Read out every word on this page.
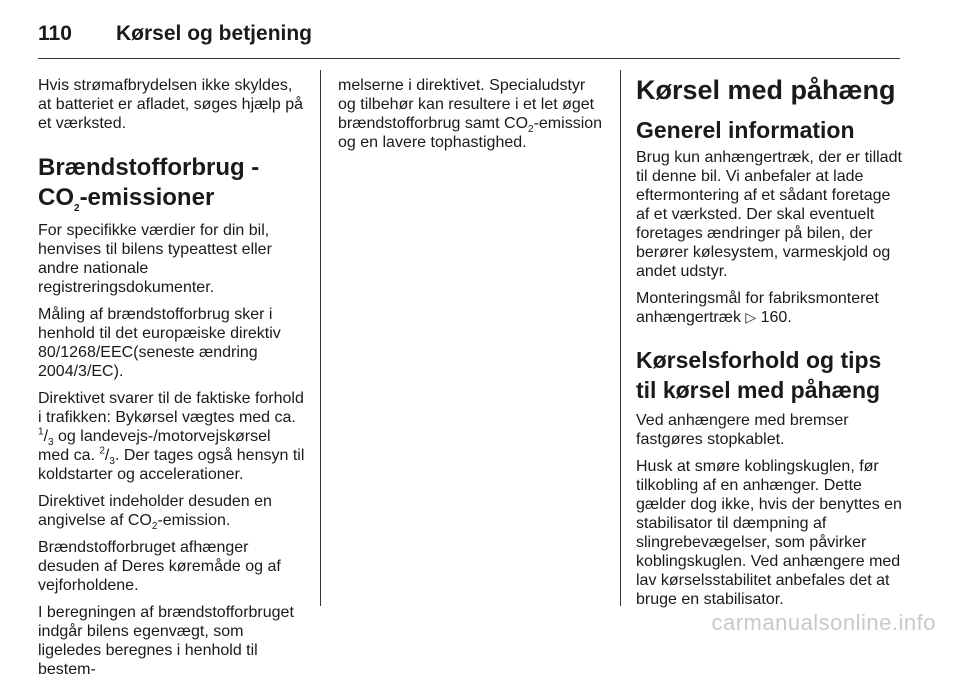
110	Kørsel og betjening

Hvis strømafbrydelsen ikke skyldes, at batteriet er afladet, søges hjælp på et værksted.

Brændstofforbrug -
$CO_2$-emissioner

For specifikke værdier for din bil, henvises til bilens typeattest eller andre nationale registreringsdokumenter.

Måling af brændstofforbrug sker i henhold til det europæiske direktiv 80/1268/EEC(seneste ændring 2004/3/EC).

Direktivet svarer til de faktiske forhold i trafikken: Bykørsel vægtes med ca. $^1/_3$ og landevejs-/motorvejskørsel med ca. $^2/_3$. Der tages også hensyn til koldstarter og accelerationer.

Direktivet indeholder desuden en angivelse af $CO_2$-emission.

Brændstofforbruget afhænger desuden af Deres køremåde og af vejforholdene.

I beregningen af brændstofforbruget indgår bilens egenvægt, som ligeledes beregnes i henhold til bestem-

melserne i direktivet. Specialudstyr og tilbehør kan resultere i et let øget brændstofforbrug samt $CO_2$-emission og en lavere tophastighed.

Kørsel med påhæng
Generel information

Brug kun anhængertræk, der er tilladt til denne bil. Vi anbefaler at lade eftermontering af et sådant foretage af et værksted. Der skal eventuelt foretages ændringer på bilen, der berører kølesystem, varmeskjold og andet udstyr.

Monteringsmål for fabriksmonteret anhængertræk ▷ 160.

Kørselsforhold og tips til kørsel med påhæng

Ved anhængere med bremser fastgøres stopkablet.

Husk at smøre koblingskuglen, før tilkobling af en anhænger. Dette gælder dog ikke, hvis der benyttes en stabilisator til dæmpning af slingrebevægelser, som påvirker koblingskuglen. Ved anhængere med lav kørselsstabilitet anbefales det at bruge en stabilisator.

carmanualsonline.info
